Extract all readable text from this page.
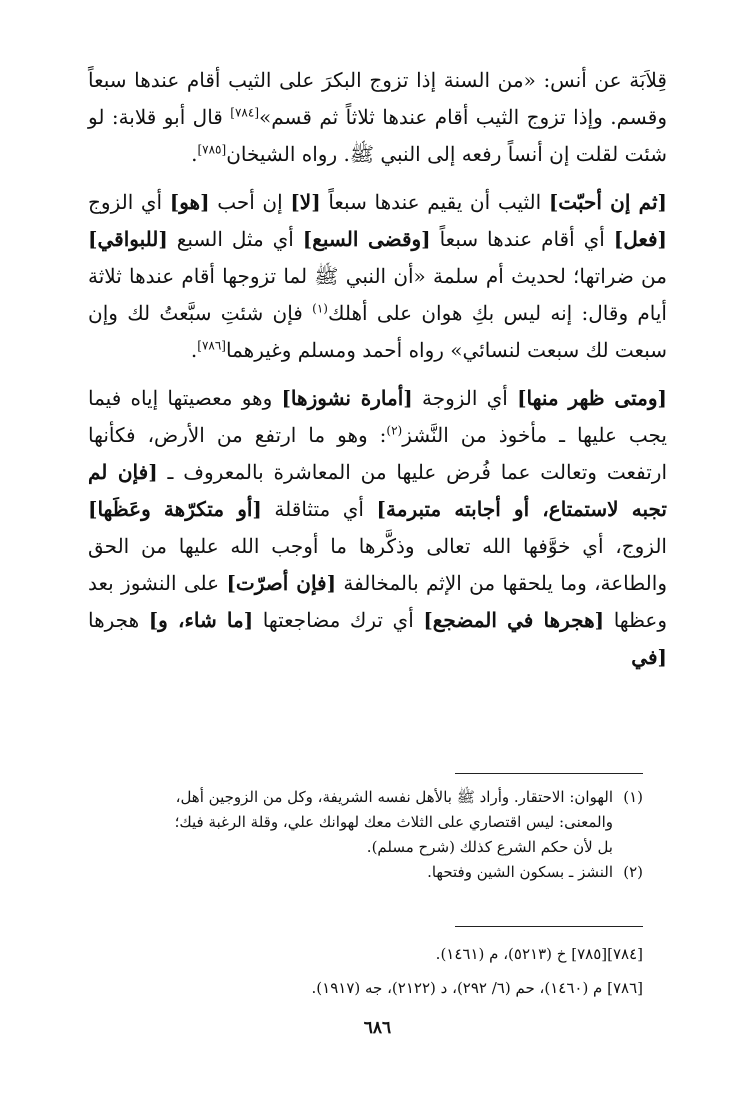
قِلاَبَة عن أنس: «من السنة إذا تزوج البكرَ على الثيب أقام عندها سبعاً وقسم. وإذا تزوج الثيب أقام عندها ثلاثاً ثم قسم»[٧٨٤] قال أبو قلابة: لو شئت لقلت إن أنساً رفعه إلى النبي ﷺ. رواه الشيخان[٧٨٥].

[ثم إن أحبّت] الثيب أن يقيم عندها سبعاً [لا] إن أحب [هو] أي الزوج [فعل] أي أقام عندها سبعاً [وقضى السبع] أي مثل السبع [للبواقي] من ضراتها؛ لحديث أم سلمة «أن النبي ﷺ لما تزوجها أقام عندها ثلاثة أيام وقال: إنه ليس بكِ هوان على أهلك$^{(١)}$ فإن شئتِ سبَّعتُ لك وإن سبعت لك سبعت لنسائي» رواه أحمد ومسلم وغيرهما[٧٨٦].

[ومتى ظهر منها] أي الزوجة [أمارة نشوزها] وهو معصيتها إياه فيما يجب عليها ـ مأخوذ من النَّشز$^{(٢)}$: وهو ما ارتفع من الأرض، فكأنها ارتفعت وتعالت عما فُرض عليها من المعاشرة بالمعروف ـ [فإن لم تجبه لاستمتاع، أو أجابته متبرمة] أي متثاقلة [أو متكرّهة وعَظَها] الزوج، أي خوَّفها الله تعالى وذكَّرها ما أوجب الله عليها من الحق والطاعة، وما يلحقها من الإثم بالمخالفة [فإن أصرّت] على النشوز بعد وعظها [هجرها في المضجع] أي ترك مضاجعتها [ما شاء، و] هجرها [في

(١)الهوان: الاحتقار. وأراد ﷺ بالأهل نفسه الشريفة، وكل من الزوجين أهل،

والمعنى: ليس اقتصاري على الثلاث معك لهوانك علي، وقلة الرغبة فيك؛

بل لأن حكم الشرع كذلك (شرح مسلم).

(٢)النشز ـ بسكون الشين وفتحها.

[٧٨٤][٧٨٥] خ (٥٢١٣)، م (١٤٦١).

[٧٨٦] م (١٤٦٠)، حم (٦/ ٢٩٢)، د (٢١٢٢)، جه (١٩١٧).

٦٨٦
